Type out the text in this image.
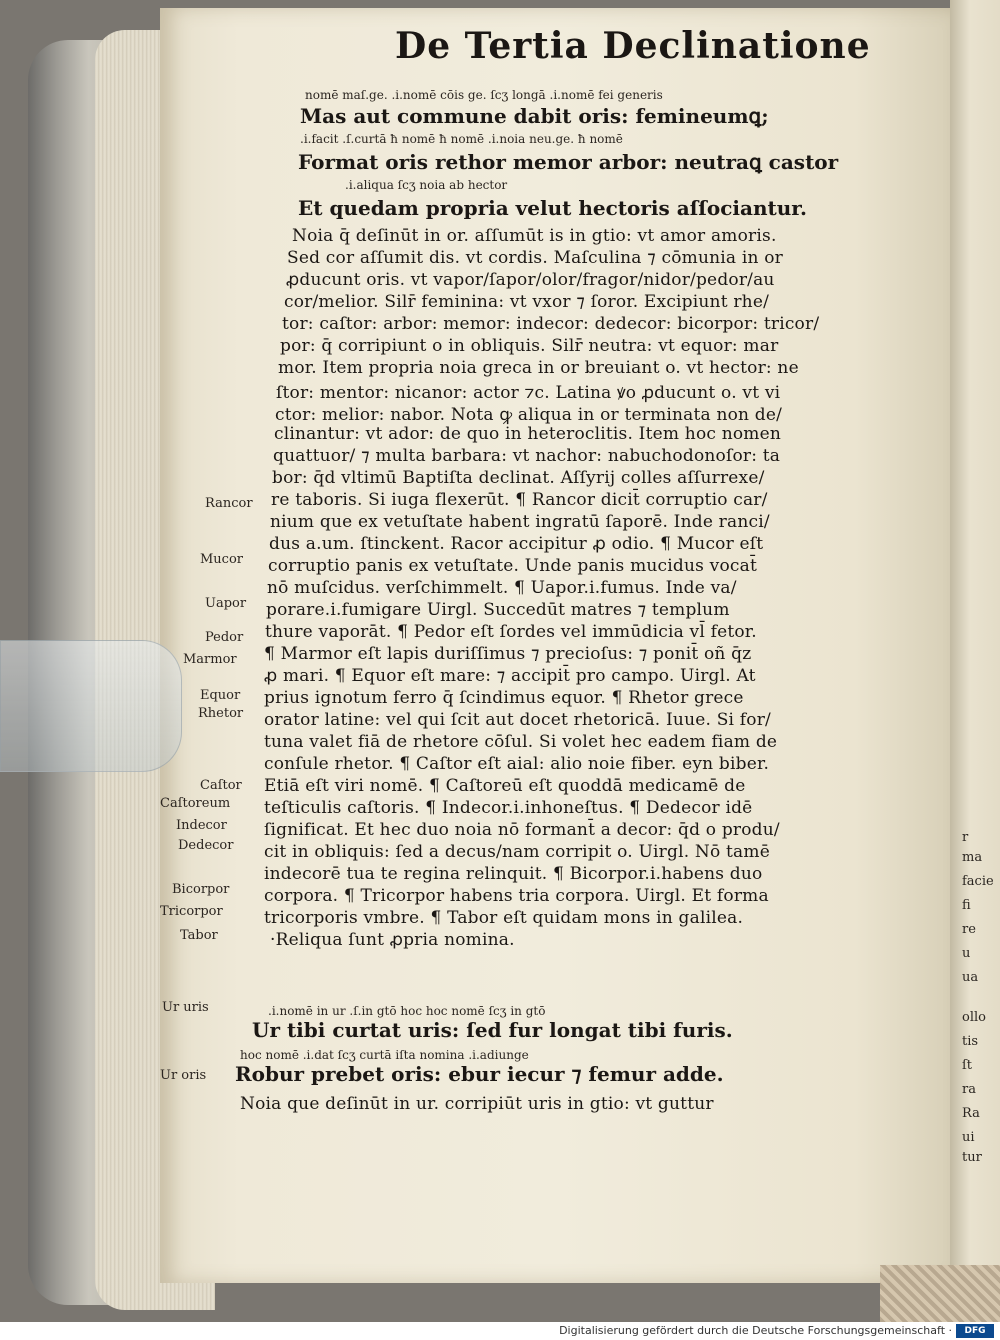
r
ma
facie
fi
re
u
ua
ollo
tis
ſt
ra
Ra
ui
tur
De Tertia Declinatione
nomē maſ.ge. .i.nomē cōis ge. ſcʒ longā .i.nomē fei generis
Mas aut commune dabit oris: femineumꝗ;
.i.facit .ſ.curtā ħ nomē ħ nomē .i.noia neu.ge. ħ nomē
Format oris rethor memor arbor: neutraꝗ castor
.i.aliqua ſcʒ noia ab hector
Et quedam propria velut hectoris aſſociantur.
Noia q̄ deſinūt in or. aſſumūt is in gtio: vt amor amoris.
Sed cor aſſumit dis. vt cordis. Maſculina ⁊ cōmunia in or
ꝓducunt oris. vt vapor/ſapor/olor/fragor/nidor/pedor/au
cor/melior. Silr̄ feminina: vt vxor ⁊ ſoror. Excipiunt rhe/
tor: caſtor: arbor: memor: indecor: dedecor: bicorpor: tricor/
por: q̄ corripiunt o in obliquis. Silr̄ neutra: vt equor: mar
mor. Item propria noia greca in or breuiant o. vt hector: ne
ſtor: mentor: nicanor: actor ⁊c. Latina ꝟo ꝓducunt o. vt vi
ctor: melior: nabor. Nota ꝙ aliqua in or terminata non de/
clinantur: vt ador: de quo in heteroclitis. Item hoc nomen
quattuor/ ⁊ multa barbara: vt nachor: nabuchodonoſor: ta
bor: q̄d vltimū Baptiſta declinat. Aſſyrij colles aſſurrexe/
re taboris. Si iuga flexerūt. ¶ Rancor dicit̄ corruptio car/
nium que ex vetuſtate habent ingratū ſaporē. Inde ranci/
dus a.um. ſtinckent. Racor accipitur ꝓ odio. ¶ Mucor eſt
corruptio panis ex vetuſtate. Unde panis mucidus vocat̄
nō muſcidus. verſchimmelt. ¶ Uapor.i.fumus. Inde va/
porare.i.fumigare Uirgl. Succedūt matres ⁊ templum
thure vaporāt. ¶ Pedor eſt ſordes vel immūdicia vl̄ fetor.
¶ Marmor eſt lapis duriſſimus ⁊ precioſus: ⁊ ponit̄ oñ q̄z
ꝓ mari. ¶ Equor eſt mare: ⁊ accipit̄ pro campo. Uirgl. At
prius ignotum ferro q̄ ſcindimus equor. ¶ Rhetor grece
orator latine: vel qui ſcit aut docet rhetoricā. Iuue. Si for/
tuna valet fiā de rhetore cōſul. Si volet hec eadem fiam de
conſule rhetor. ¶ Caſtor eſt aial: alio noie fiber. eyn biber.
Etiā eſt viri nomē. ¶ Caſtoreū eſt quoddā medicamē de
teſticulis caſtoris. ¶ Indecor.i.inhoneſtus. ¶ Dedecor idē
ſignificat. Et hec duo noia nō formant̄ a decor: q̄d o produ/
cit in obliquis: ſed a decus/nam corripit o. Uirgl. Nō tamē
indecorē tua te regina relinquit. ¶ Bicorpor.i.habens duo
corpora. ¶ Tricorpor habens tria corpora. Uirgl. Et forma
tricorporis vmbre. ¶ Tabor eſt quidam mons in galilea.
·Reliqua ſunt ꝓpria nomina.
Rancor
Mucor
Uapor
Pedor
Marmor
Equor
Rhetor
Caſtor
Caſtoreum
Indecor
Dedecor
Bicorpor
Tricorpor
Tabor
Ur uris
Ur oris
.i.nomē in ur .ſ.in gtō hoc hoc nomē ſcʒ in gtō
Ur tibi curtat uris: ſed fur longat tibi furis.
hoc nomē .i.dat ſcʒ curtā iſta nomina .i.adiunge
Robur prebet oris: ebur iecur ⁊ femur adde.
Noia que deſinūt in ur. corripiūt uris in gtio: vt guttur
Digitalisierung gefördert durch die Deutsche Forschungsgemeinschaft ·	DFG
